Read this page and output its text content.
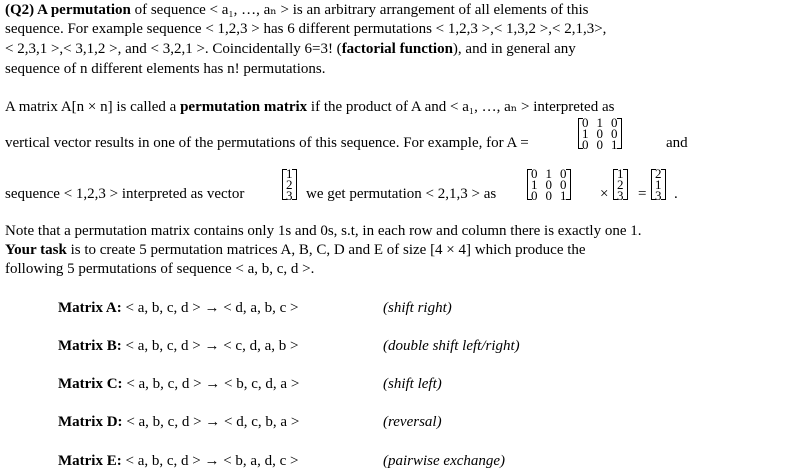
(Q2) A permutation of sequence < a₁, …, aₙ > is an arbitrary arrangement of all elements of this
sequence. For example sequence < 1,2,3 > has 6 different permutations < 1,2,3 >,< 1,3,2 >,< 2,1,3>,
< 2,3,1 >,< 3,1,2 >, and < 3,2,1 >. Coincidentally 6=3! (factorial function), and in general any
sequence of n different elements has n! permutations.
A matrix A[n × n] is called a permutation matrix if the product of A and < a₁, …, aₙ > interpreted as
vertical vector results in one of the permutations of this sequence. For example, for A =
0	1	0
1	0	0
0	0	1	and
sequence < 1,2,3 > interpreted as vector
1
2
3 we get permutation < 2,1,3 > as
0	1	0
1	0	0
0	0	1 ×
1
2
3 =
2
1
3 .
Note that a permutation matrix contains only 1s and 0s, s.t, in each row and column there is exactly one 1.
Your task is to create 5 permutation matrices A, B, C, D and E of size [4 × 4] which produce the
following 5 permutations of sequence < a, b, c, d >.
Matrix A: < a, b, c, d > → < d, a, b, c >	(shift right)
Matrix B: < a, b, c, d > → < c, d, a, b >	(double shift left/right)
Matrix C: < a, b, c, d > → < b, c, d, a >	(shift left)
Matrix D: < a, b, c, d > → < d, c, b, a >	(reversal)
Matrix E: < a, b, c, d > → < b, a, d, c >	(pairwise exchange)
